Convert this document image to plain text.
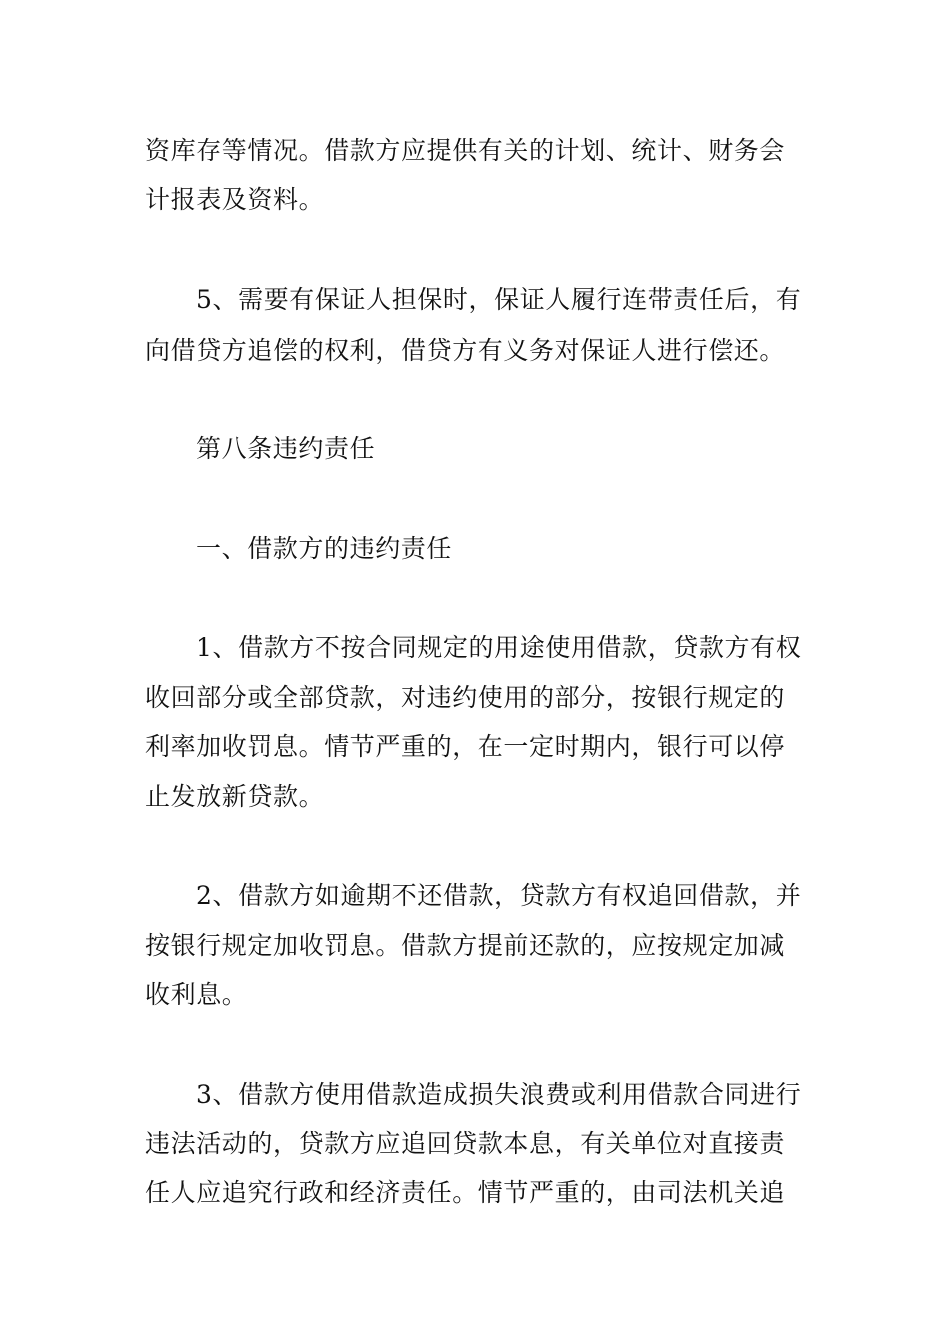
资库存等情况。借款方应提供有关的计划、统计、财务会
计报表及资料。
5、需要有保证人担保时，保证人履行连带责任后，有
向借贷方追偿的权利，借贷方有义务对保证人进行偿还。
第八条违约责任
一、借款方的违约责任
1、借款方不按合同规定的用途使用借款，贷款方有权
收回部分或全部贷款，对违约使用的部分，按银行规定的
利率加收罚息。情节严重的，在一定时期内，银行可以停
止发放新贷款。
2、借款方如逾期不还借款，贷款方有权追回借款，并
按银行规定加收罚息。借款方提前还款的，应按规定加减
收利息。
3、借款方使用借款造成损失浪费或利用借款合同进行
违法活动的，贷款方应追回贷款本息，有关单位对直接责
任人应追究行政和经济责任。情节严重的，由司法机关追
